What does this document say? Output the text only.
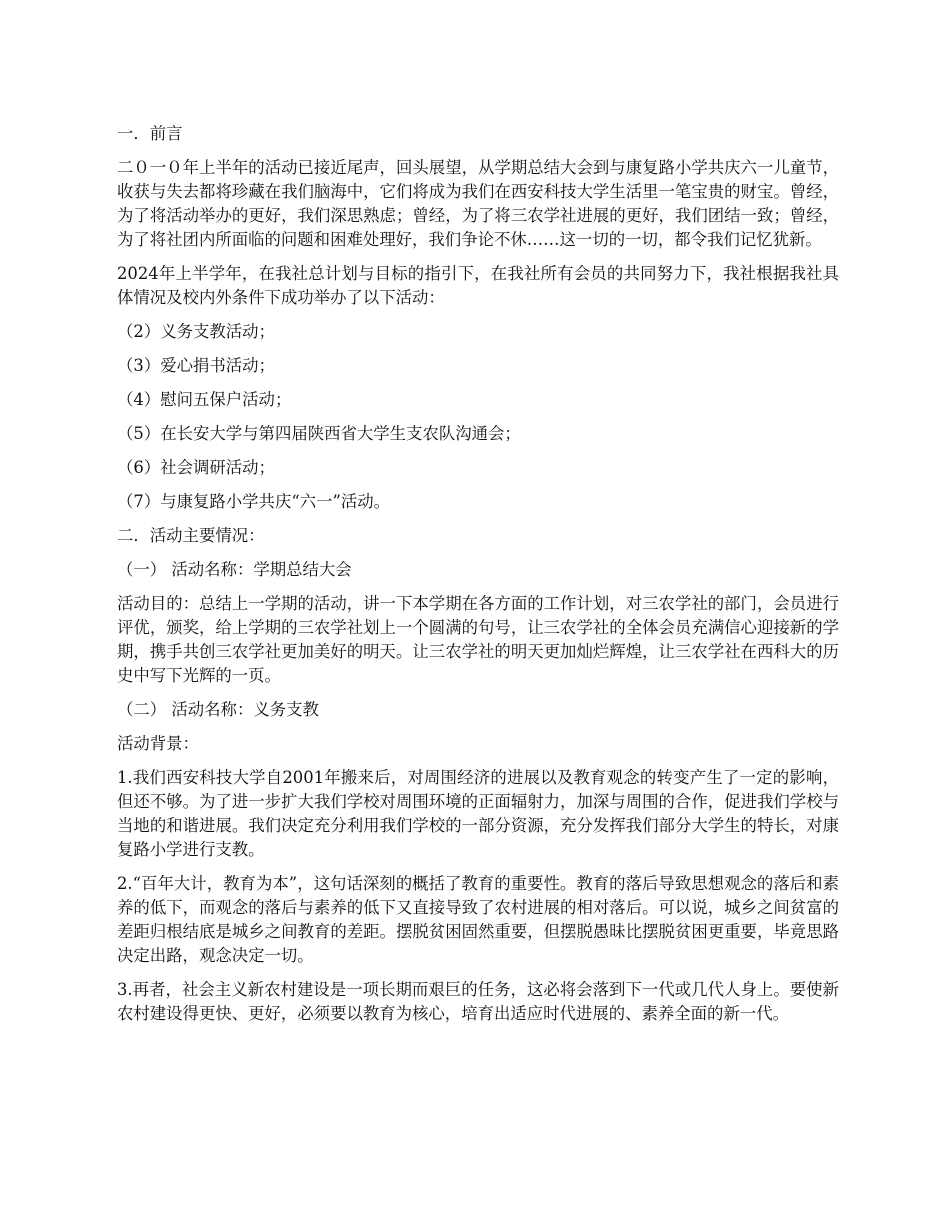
一．前言

二０一０年上半年的活动已接近尾声，回头展望，从学期总结大会到与康复路小学共庆六一儿童节，收获与失去都将珍藏在我们脑海中，它们将成为我们在西安科技大学生活里一笔宝贵的财宝。曾经，为了将活动举办的更好，我们深思熟虑；曾经，为了将三农学社进展的更好，我们团结一致；曾经，为了将社团内所面临的问题和困难处理好，我们争论不休……这一切的一切，都令我们记忆犹新。

2024年上半学年，在我社总计划与目标的指引下，在我社所有会员的共同努力下，我社根据我社具体情况及校内外条件下成功举办了以下活动：

（2）义务支教活动；

（3）爱心捐书活动；

（4）慰问五保户活动；

（5）在长安大学与第四届陕西省大学生支农队沟通会；

（6）社会调研活动；

（7）与康复路小学共庆“六一”活动。

二．活动主要情况：

（一） 活动名称：学期总结大会

活动目的：总结上一学期的活动，讲一下本学期在各方面的工作计划，对三农学社的部门，会员进行评优，颁奖，给上学期的三农学社划上一个圆满的句号，让三农学社的全体会员充满信心迎接新的学期，携手共创三农学社更加美好的明天。让三农学社的明天更加灿烂辉煌，让三农学社在西科大的历史中写下光辉的一页。

（二） 活动名称：义务支教

活动背景：

1.我们西安科技大学自2001年搬来后，对周围经济的进展以及教育观念的转变产生了一定的影响，但还不够。为了进一步扩大我们学校对周围环境的正面辐射力，加深与周围的合作，促进我们学校与当地的和谐进展。我们决定充分利用我们学校的一部分资源，充分发挥我们部分大学生的特长，对康复路小学进行支教。

2.“百年大计，教育为本”，这句话深刻的概括了教育的重要性。教育的落后导致思想观念的落后和素养的低下，而观念的落后与素养的低下又直接导致了农村进展的相对落后。可以说，城乡之间贫富的差距归根结底是城乡之间教育的差距。摆脱贫困固然重要，但摆脱愚昧比摆脱贫困更重要，毕竟思路决定出路，观念决定一切。

3.再者，社会主义新农村建设是一项长期而艰巨的任务，这必将会落到下一代或几代人身上。要使新农村建设得更快、更好，必须要以教育为核心，培育出适应时代进展的、素养全面的新一代。
